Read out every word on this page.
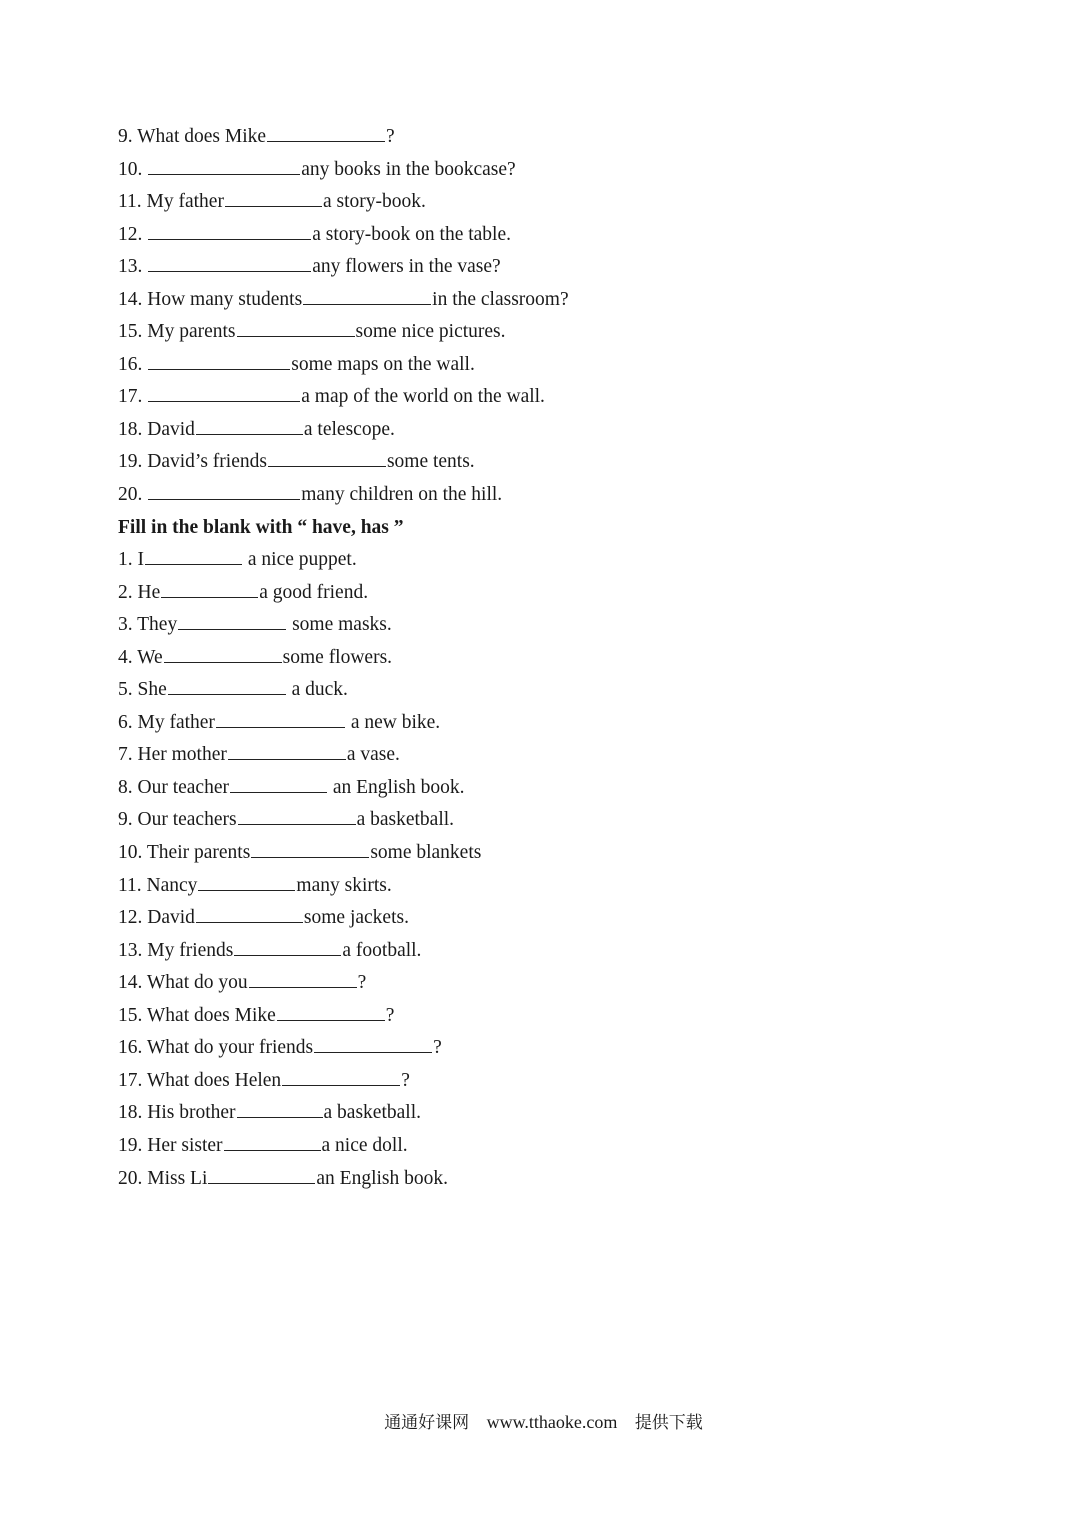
9. What does Mike	?
10.	any books in the bookcase?
11. My father	a story-book.
12.	a story-book on the table.
13.	any flowers in the vase?
14. How many students	in the classroom?
15. My parents	some nice pictures.
16.	some maps on the wall.
17.	a map of the world on the wall.
18. David	a telescope.
19. David’s friends	some tents.
20.	many children on the hill.
Fill in the blank with “ have, has ”
1. I	a nice puppet.
2. He	a good friend.
3. They	some masks.
4. We	some flowers.
5. She	a duck.
6. My father	a new bike.
7. Her mother	a vase.
8. Our teacher	an English book.
9. Our teachers	a basketball.
10. Their parents	some blankets
11. Nancy	many skirts.
12. David	some jackets.
13. My friends	a football.
14. What do you	?
15. What does Mike	?
16. What do your friends	?
17. What does Helen	?
18. His brother	a basketball.
19. Her sister	a nice doll.
20. Miss Li	an English book.
通通好课网 www.tthaoke.com 提供下载
